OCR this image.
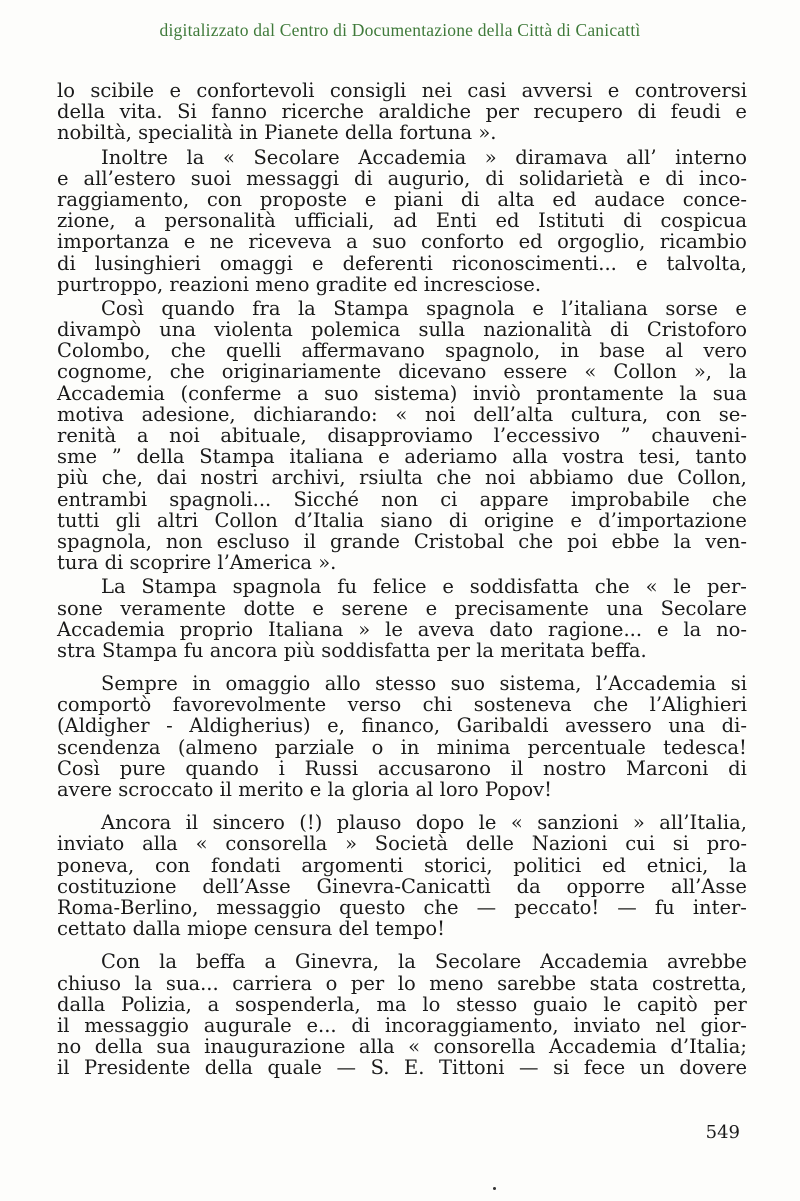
digitalizzato dal Centro di Documentazione della Città di Canicattì
lo scibile e confortevoli consigli nei casi avversi e controversi
della vita. Si fanno ricerche araldiche per recupero di feudi e
nobiltà, specialità in Pianete della fortuna ».
Inoltre la « Secolare Accademia » diramava all’ interno
e all’estero suoi messaggi di augurio, di solidarietà e di inco-
raggiamento, con proposte e piani di alta ed audace conce-
zione, a personalità ufficiali, ad Enti ed Istituti di cospicua
importanza e ne riceveva a suo conforto ed orgoglio, ricambio
di lusinghieri omaggi e deferenti riconoscimenti... e talvolta,
purtroppo, reazioni meno gradite ed incresciose.
Così quando fra la Stampa spagnola e l’italiana sorse e
divampò una violenta polemica sulla nazionalità di Cristoforo
Colombo, che quelli affermavano spagnolo, in base al vero
cognome, che originariamente dicevano essere « Collon », la
Accademia (conferme a suo sistema) inviò prontamente la sua
motiva adesione, dichiarando: « noi dell’alta cultura, con se-
renità a noi abituale, disapproviamo l’eccessivo ” chauveni-
sme ” della Stampa italiana e aderiamo alla vostra tesi, tanto
più che, dai nostri archivi, rsiulta che noi abbiamo due Collon,
entrambi spagnoli... Sicché non ci appare improbabile che
tutti gli altri Collon d’Italia siano di origine e d’importazione
spagnola, non escluso il grande Cristobal che poi ebbe la ven-
tura di scoprire l’America ».
La Stampa spagnola fu felice e soddisfatta che « le per-
sone veramente dotte e serene e precisamente una Secolare
Accademia proprio Italiana » le aveva dato ragione... e la no-
stra Stampa fu ancora più soddisfatta per la meritata beffa.
Sempre in omaggio allo stesso suo sistema, l’Accademia si
comportò favorevolmente verso chi sosteneva che l’Alighieri
(Aldigher - Aldigherius) e, financo, Garibaldi avessero una di-
scendenza (almeno parziale o in minima percentuale tedesca!
Così pure quando i Russi accusarono il nostro Marconi di
avere scroccato il merito e la gloria al loro Popov!
Ancora il sincero (!) plauso dopo le « sanzioni » all’Italia,
inviato alla « consorella » Società delle Nazioni cui si pro-
poneva, con fondati argomenti storici, politici ed etnici, la
costituzione dell’Asse Ginevra-Canicattì da opporre all’Asse
Roma-Berlino, messaggio questo che — peccato! — fu inter-
cettato dalla miope censura del tempo!
Con la beffa a Ginevra, la Secolare Accademia avrebbe
chiuso la sua... carriera o per lo meno sarebbe stata costretta,
dalla Polizia, a sospenderla, ma lo stesso guaio le capitò per
il messaggio augurale e... di incoraggiamento, inviato nel gior-
no della sua inaugurazione alla « consorella Accademia d’Italia;
il Presidente della quale — S. E. Tittoni — si fece un dovere
549
